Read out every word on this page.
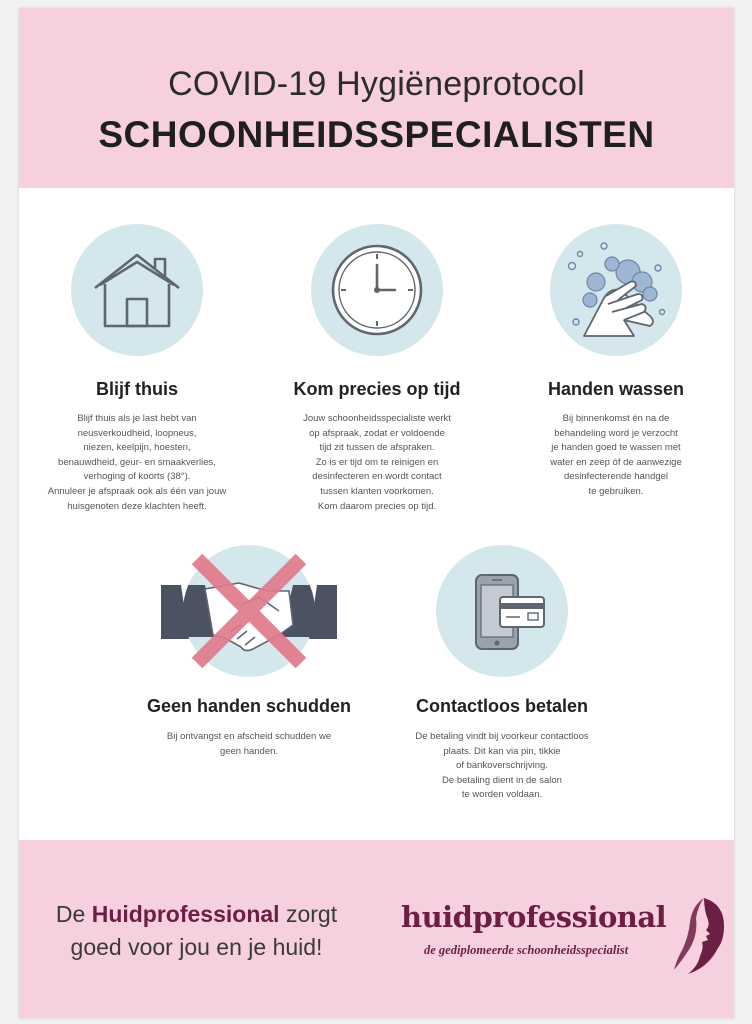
COVID-19 Hygiëneprotocol
SCHOONHEIDSSPECIALISTEN
Blijf thuis
Blijf thuis als je last hebt van
neusverkoudheid, loopneus,
niezen, keelpijn, hoesten,
benauwdheid, geur- en smaakverlies,
verhoging of koorts (38°).
Annuleer je afspraak ook als één van jouw
huisgenoten deze klachten heeft.
Kom precies op tijd
Jouw schoonheidsspecialiste werkt
op afspraak, zodat er voldoende
tijd zit tussen de afspraken.
Zo is er tijd om te reinigen en
desinfecteren en wordt contact
tussen klanten voorkomen.
Kom daarom precies op tijd.
Handen wassen
Bij binnenkomst én na de
behandeling word je verzocht
je handen goed te wassen met
water en zeep óf de aanwezige
desinfecterende handgel
te gebruiken.
Geen handen schudden
Bij ontvangst en afscheid schudden we
geen handen.
Contactloos betalen
De betaling vindt bij voorkeur contactloos
plaats. Dit kan via pin, tikkie
of bankoverschrijving.
De betaling dient in de salon
te worden voldaan.
De Huidprofessional zorgt
goed voor jou en je huid!
huidprofessional
de gediplomeerde schoonheidsspecialist
